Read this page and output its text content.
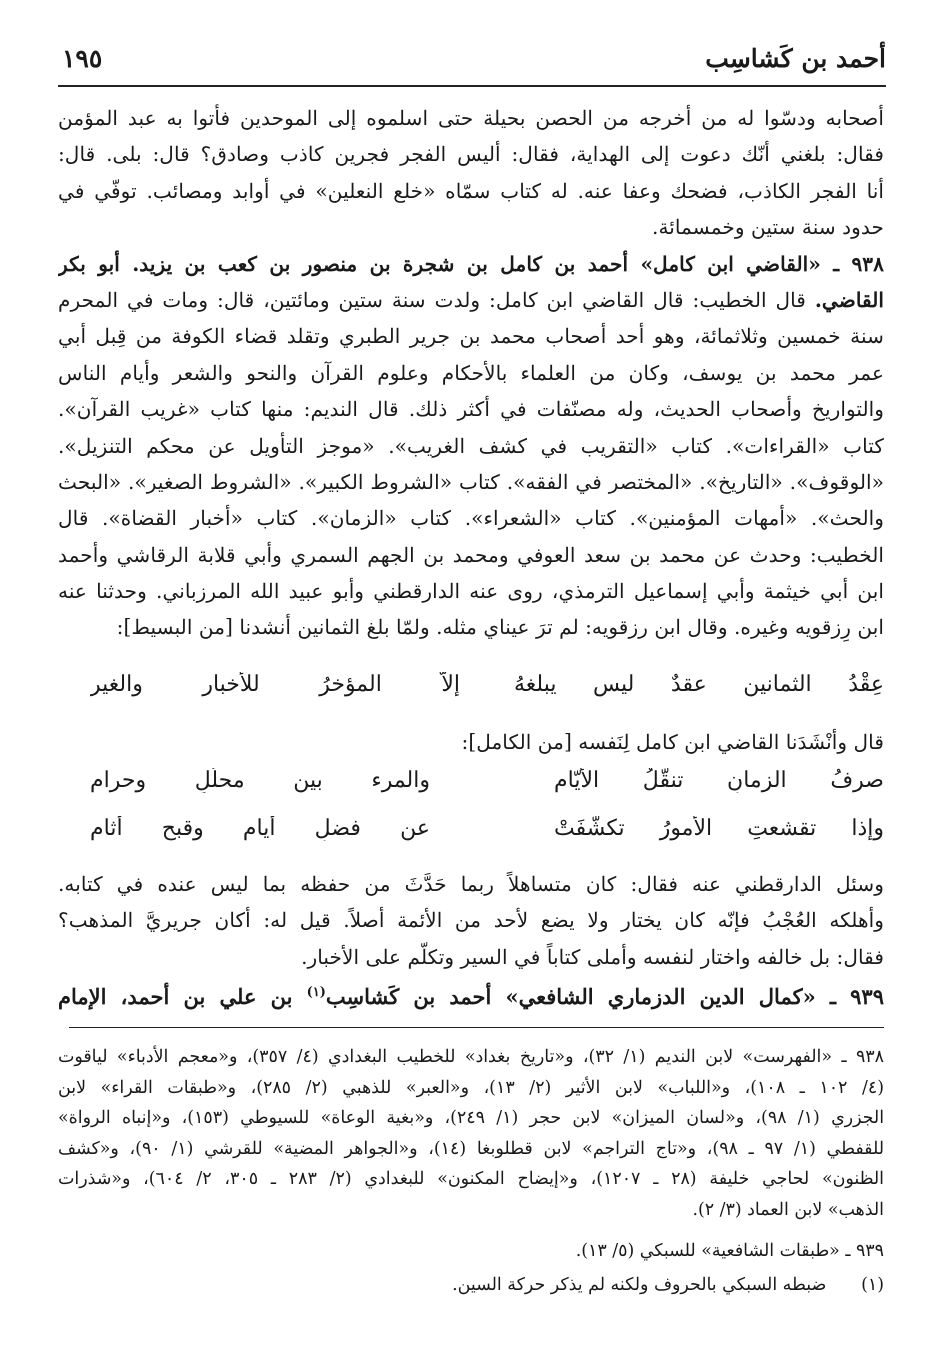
أحمد بن كَشاسِب
١٩٥
أصحابه ودسّوا له من أخرجه من الحصن بحيلة حتى اسلموه إلى الموحدين فأتوا به عبد المؤمن
فقال: بلغني أنّك دعوت إلى الهداية، فقال: أليس الفجر فجرين كاذب وصادق؟ قال: بلى. قال:
أنا الفجر الكاذب، فضحك وعفا عنه. له كتاب سمّاه «خلع النعلين» في أوابد ومصائب. توفّي في
حدود سنة ستين وخمسمائة.
٩٣٨ ـ «القاضي ابن كامل» أحمد بن كامل بن شجرة بن منصور بن كعب بن يزيد. أبو بكر
القاضي. قال الخطيب: قال القاضي ابن كامل: ولدت سنة ستين ومائتين، قال: ومات في المحرم
سنة خمسين وثلاثمائة، وهو أحد أصحاب محمد بن جرير الطبري وتقلد قضاء الكوفة من قِبل أبي
عمر محمد بن يوسف، وكان من العلماء بالأحكام وعلوم القرآن والنحو والشعر وأيام الناس
والتواريخ وأصحاب الحديث، وله مصنّفات في أكثر ذلك. قال النديم: منها كتاب «غريب القرآن».
كتاب «القراءات». كتاب «التقريب في كشف الغريب». «موجز التأويل عن محكم التنزيل».
«الوقوف». «التاريخ». «المختصر في الفقه». كتاب «الشروط الكبير». «الشروط الصغير». «البحث
والحث». «أمهات المؤمنين». كتاب «الشعراء». كتاب «الزمان». كتاب «أخبار القضاة». قال
الخطيب: وحدث عن محمد بن سعد العوفي ومحمد بن الجهم السمري وأبي قلابة الرقاشي وأحمد
ابن أبي خيثمة وأبي إسماعيل الترمذي، روى عنه الدارقطني وأبو عبيد الله المرزباني. وحدثنا عنه
ابن رِزقويه وغيره. وقال ابن رزقويه: لم ترَ عيناي مثله. ولمّا بلغ الثمانين أنشدنا [من البسيط]:
عِقْدُ الثمانين عقدٌ ليس يبلغهُ
إلاّ المؤخرُ للأخبارِ والغير
قال وأنْشَدَنا القاضي ابن كامل لِنَفسه [من الكامل]:
صرفُ الزمانِ تنقّلُ الأيّامِ
والمرء بين محلّلٍ وحرامِ
وإذا تقشعتِ الأمورُ تكشّفَتْ
عن فضلِ أيام وقبحِ أثامِ
وسئل الدارقطني عنه فقال: كان متساهلاً ربما حَدَّثَ من حفظه بما ليس عنده في كتابه.
وأهلكه العُجْبُ فإنّه كان يختار ولا يضع لأحد من الأئمة أصلاً. قيل له: أكان جريريَّ المذهب؟
فقال: بل خالفه واختار لنفسه وأملى كتاباً في السير وتكلّم على الأخبار.
٩٣٩ ـ «كمال الدين الدزماري الشافعي» أحمد بن كَشاسِب$^{(١)}$ بن علي بن أحمد، الإمام
٩٣٨ ـ «الفهرست» لابن النديم (١/ ٣٢)، و«تاريخ بغداد» للخطيب البغدادي (٤/ ٣٥٧)، و«معجم الأدباء» لياقوت
(٤/ ١٠٢ ـ ١٠٨)، و«اللباب» لابن الأثير (٢/ ١٣)، و«العبر» للذهبي (٢/ ٢٨٥)، و«طبقات القراء» لابن
الجزري (١/ ٩٨)، و«لسان الميزان» لابن حجر (١/ ٢٤٩)، و«بغية الوعاة» للسيوطي (١٥٣)، و«إنباه الرواة»
للقفطي (١/ ٩٧ ـ ٩٨)، و«تاج التراجم» لابن قطلوبغا (١٤)، و«الجواهر المضية» للقرشي (١/ ٩٠)، و«كشف
الظنون» لحاجي خليفة (٢٨ ـ ١٢٠٧)، و«إيضاح المكنون» للبغدادي (٢/ ٢٨٣ ـ ٣٠٥، ٢/ ٦٠٤)، و«شذرات
الذهب» لابن العماد (٣/ ٢).
٩٣٩ ـ «طبقات الشافعية» للسبكي (٥/ ١٣).
(١)  ضبطه السبكي بالحروف ولكنه لم يذكر حركة السين.
